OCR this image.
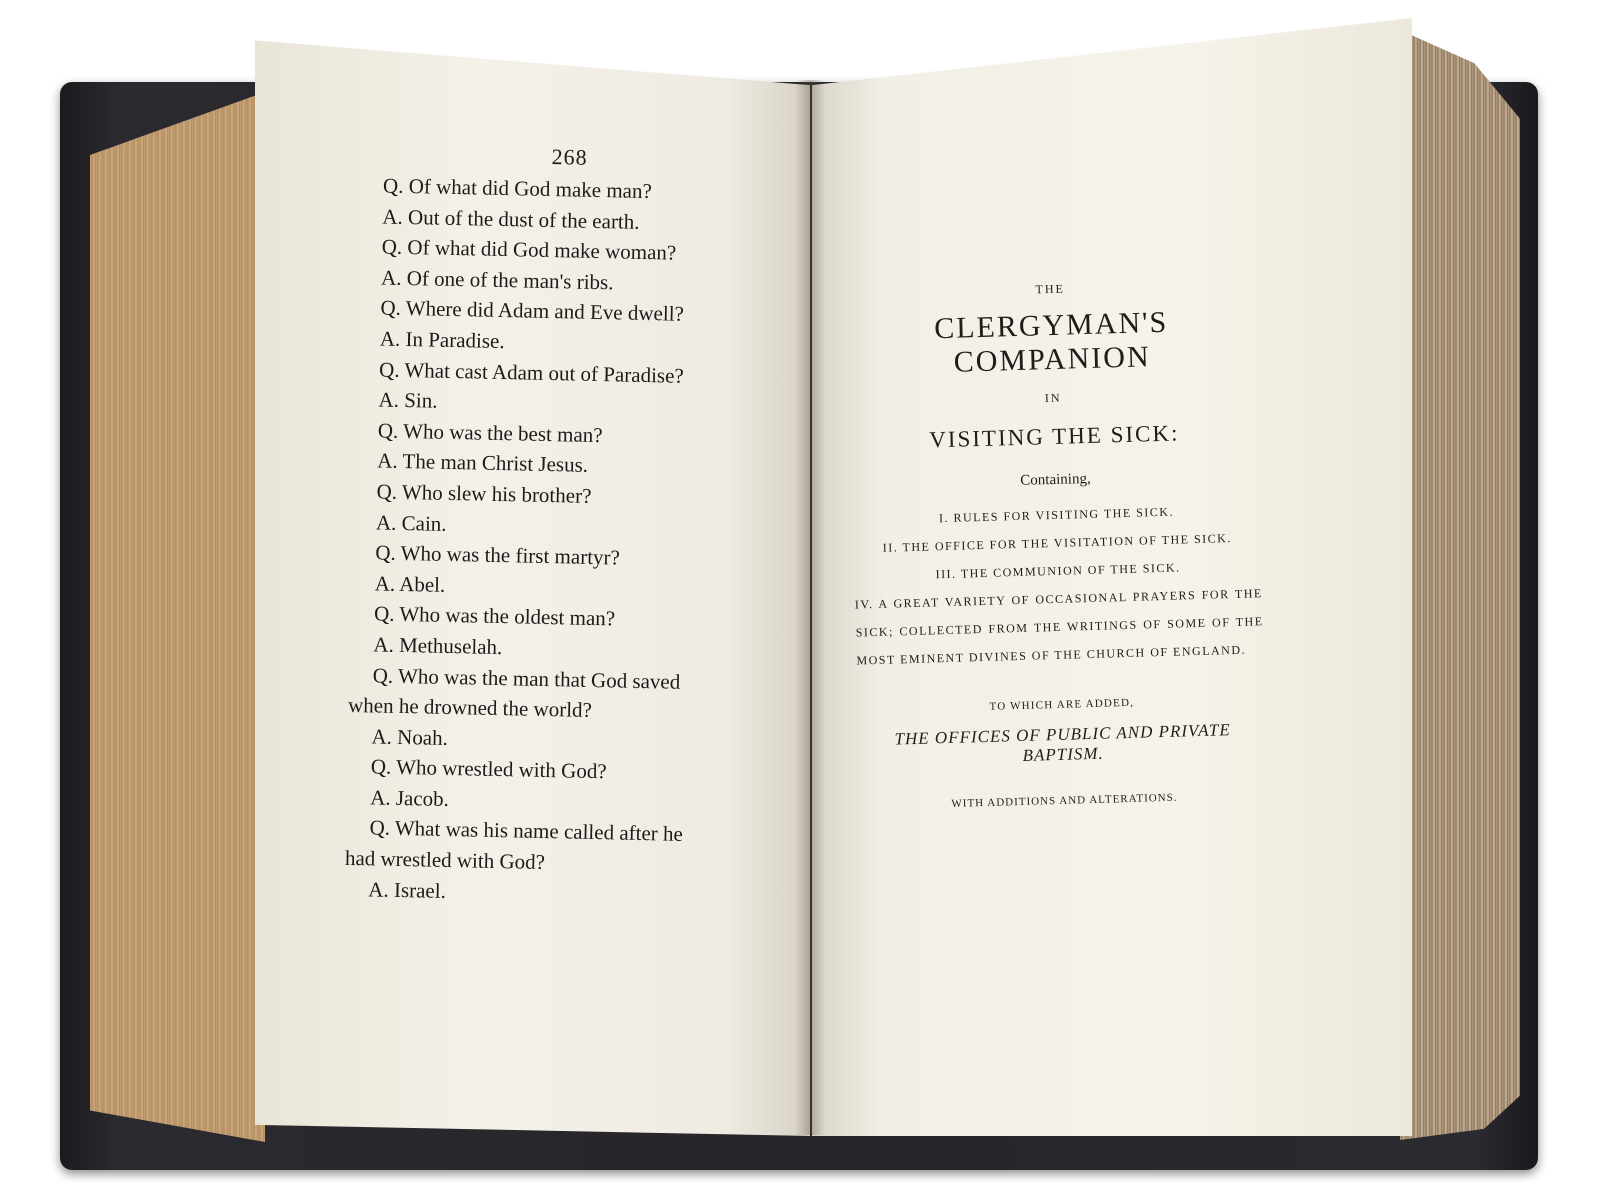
268
Q. Of what did God make man?
A. Out of the dust of the earth.
Q. Of what did God make woman?
A. Of one of the man's ribs.
Q. Where did Adam and Eve dwell?
A. In Paradise.
Q. What cast Adam out of Paradise?
A. Sin.
Q. Who was the best man?
A. The man Christ Jesus.
Q. Who slew his brother?
A. Cain.
Q. Who was the first martyr?
A. Abel.
Q. Who was the oldest man?
A. Methuselah.
Q. Who was the man that God saved
when he drowned the world?
A. Noah.
Q. Who wrestled with God?
A. Jacob.
Q. What was his name called after he
had wrestled with God?
A. Israel.
THE
CLERGYMAN'S COMPANION
IN
VISITING THE SICK:
Containing,
I. RULES FOR VISITING THE SICK.
II. THE OFFICE FOR THE VISITATION OF THE SICK.
III. THE COMMUNION OF THE SICK.
IV. A GREAT VARIETY OF OCCASIONAL PRAYERS FOR THE SICK; COLLECTED FROM THE WRITINGS OF SOME OF THE MOST EMINENT DIVINES OF THE CHURCH OF ENGLAND.
TO WHICH ARE ADDED,
THE OFFICES OF PUBLIC AND PRIVATE BAPTISM.
WITH ADDITIONS AND ALTERATIONS.
